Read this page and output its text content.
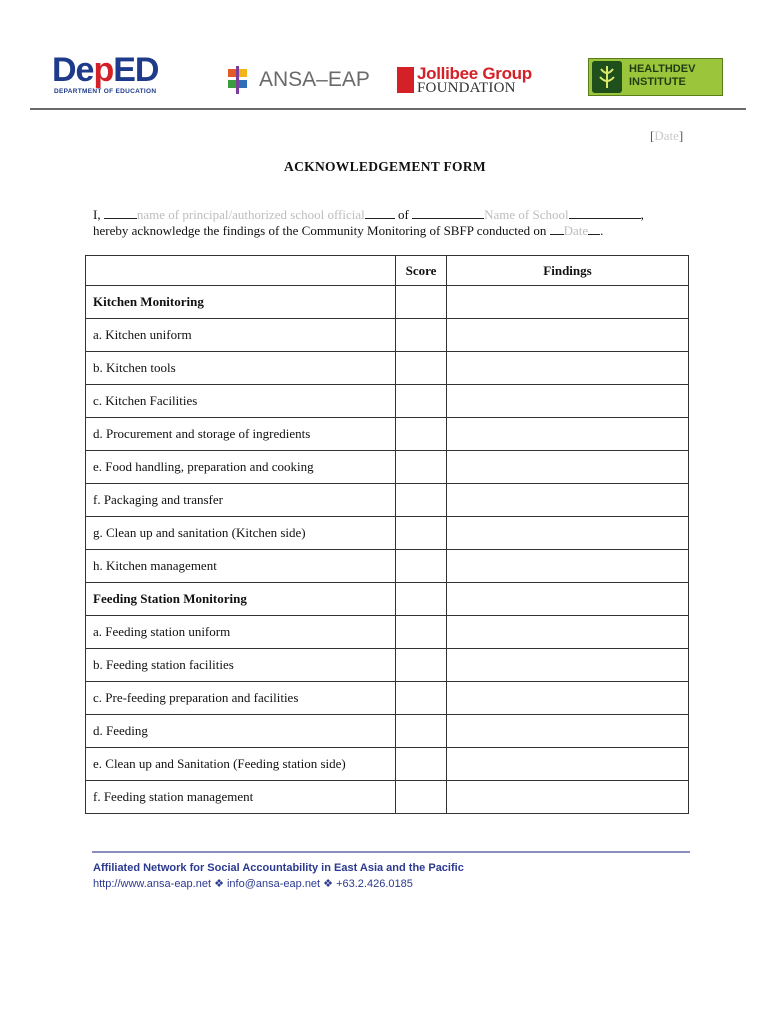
DepED
DEPARTMENT OF EDUCATION
ANSA–EAP	Jollibee Group
FOUNDATION
HEALTHDEV
INSTITUTE
[Date]
ACKNOWLEDGEMENT FORM
I,	name of principal/authorized school official of	Name of School	,
hereby acknowledge the findings of the Community Monitoring of SBFP conducted on Date .
	Score	Findings
Kitchen Monitoring		
a. Kitchen uniform		
b. Kitchen tools		
c. Kitchen Facilities		
d. Procurement and storage of ingredients		
e. Food handling, preparation and cooking		
f. Packaging and transfer		
g. Clean up and sanitation (Kitchen side)		
h. Kitchen management		
Feeding Station Monitoring		
a. Feeding station uniform		
b. Feeding station facilities		
c. Pre-feeding preparation and facilities		
d. Feeding		
e. Clean up and Sanitation (Feeding station side)		
f. Feeding station management		
Affiliated Network for Social Accountability in East Asia and the Pacific
http://www.ansa-eap.net ❖ info@ansa-eap.net ❖ +63.2.426.0185
